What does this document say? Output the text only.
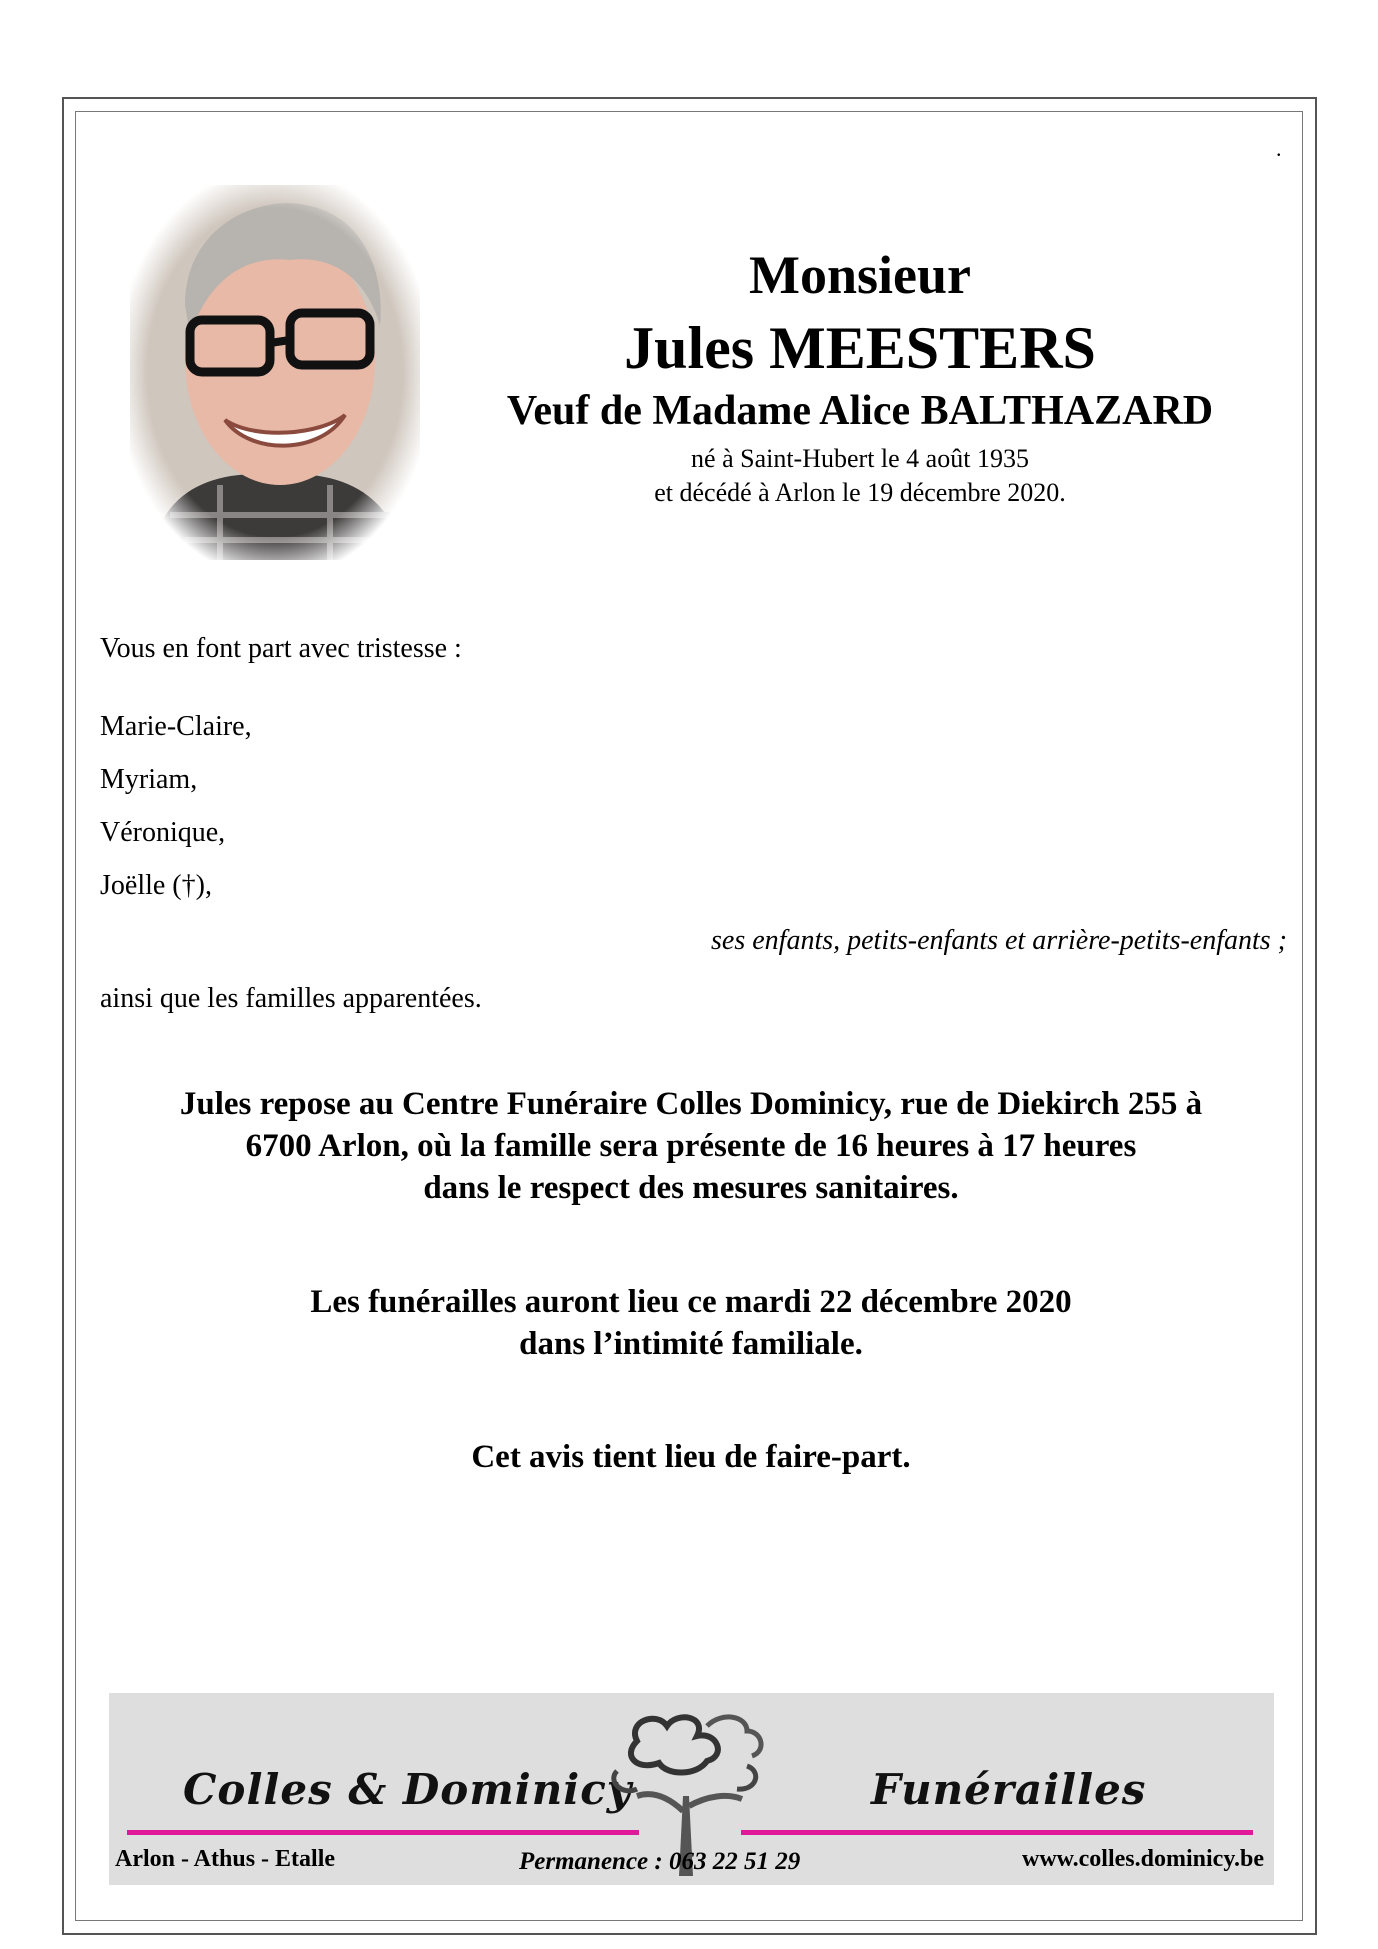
.
Monsieur
Jules MEESTERS
Veuf de Madame Alice BALTHAZARD
né à Saint-Hubert le 4 août 1935
et décédé à Arlon le 19 décembre 2020.
Vous en font part avec tristesse :
Marie-Claire,
Myriam,
Véronique,
Joëlle (†),
ses enfants, petits-enfants et arrière-petits-enfants ;
ainsi que les familles apparentées.
Jules repose au Centre Funéraire Colles Dominicy, rue de Diekirch 255 à
6700 Arlon, où la famille sera présente de 16 heures à 17 heures
dans le respect des mesures sanitaires.
Les funérailles auront lieu ce mardi 22 décembre 2020
dans l’intimité familiale.
Cet avis tient lieu de faire-part.
Colles & Dominicy	Funérailles
Arlon - Athus - Etalle	Permanence : 063 22 51 29	www.colles.dominicy.be
